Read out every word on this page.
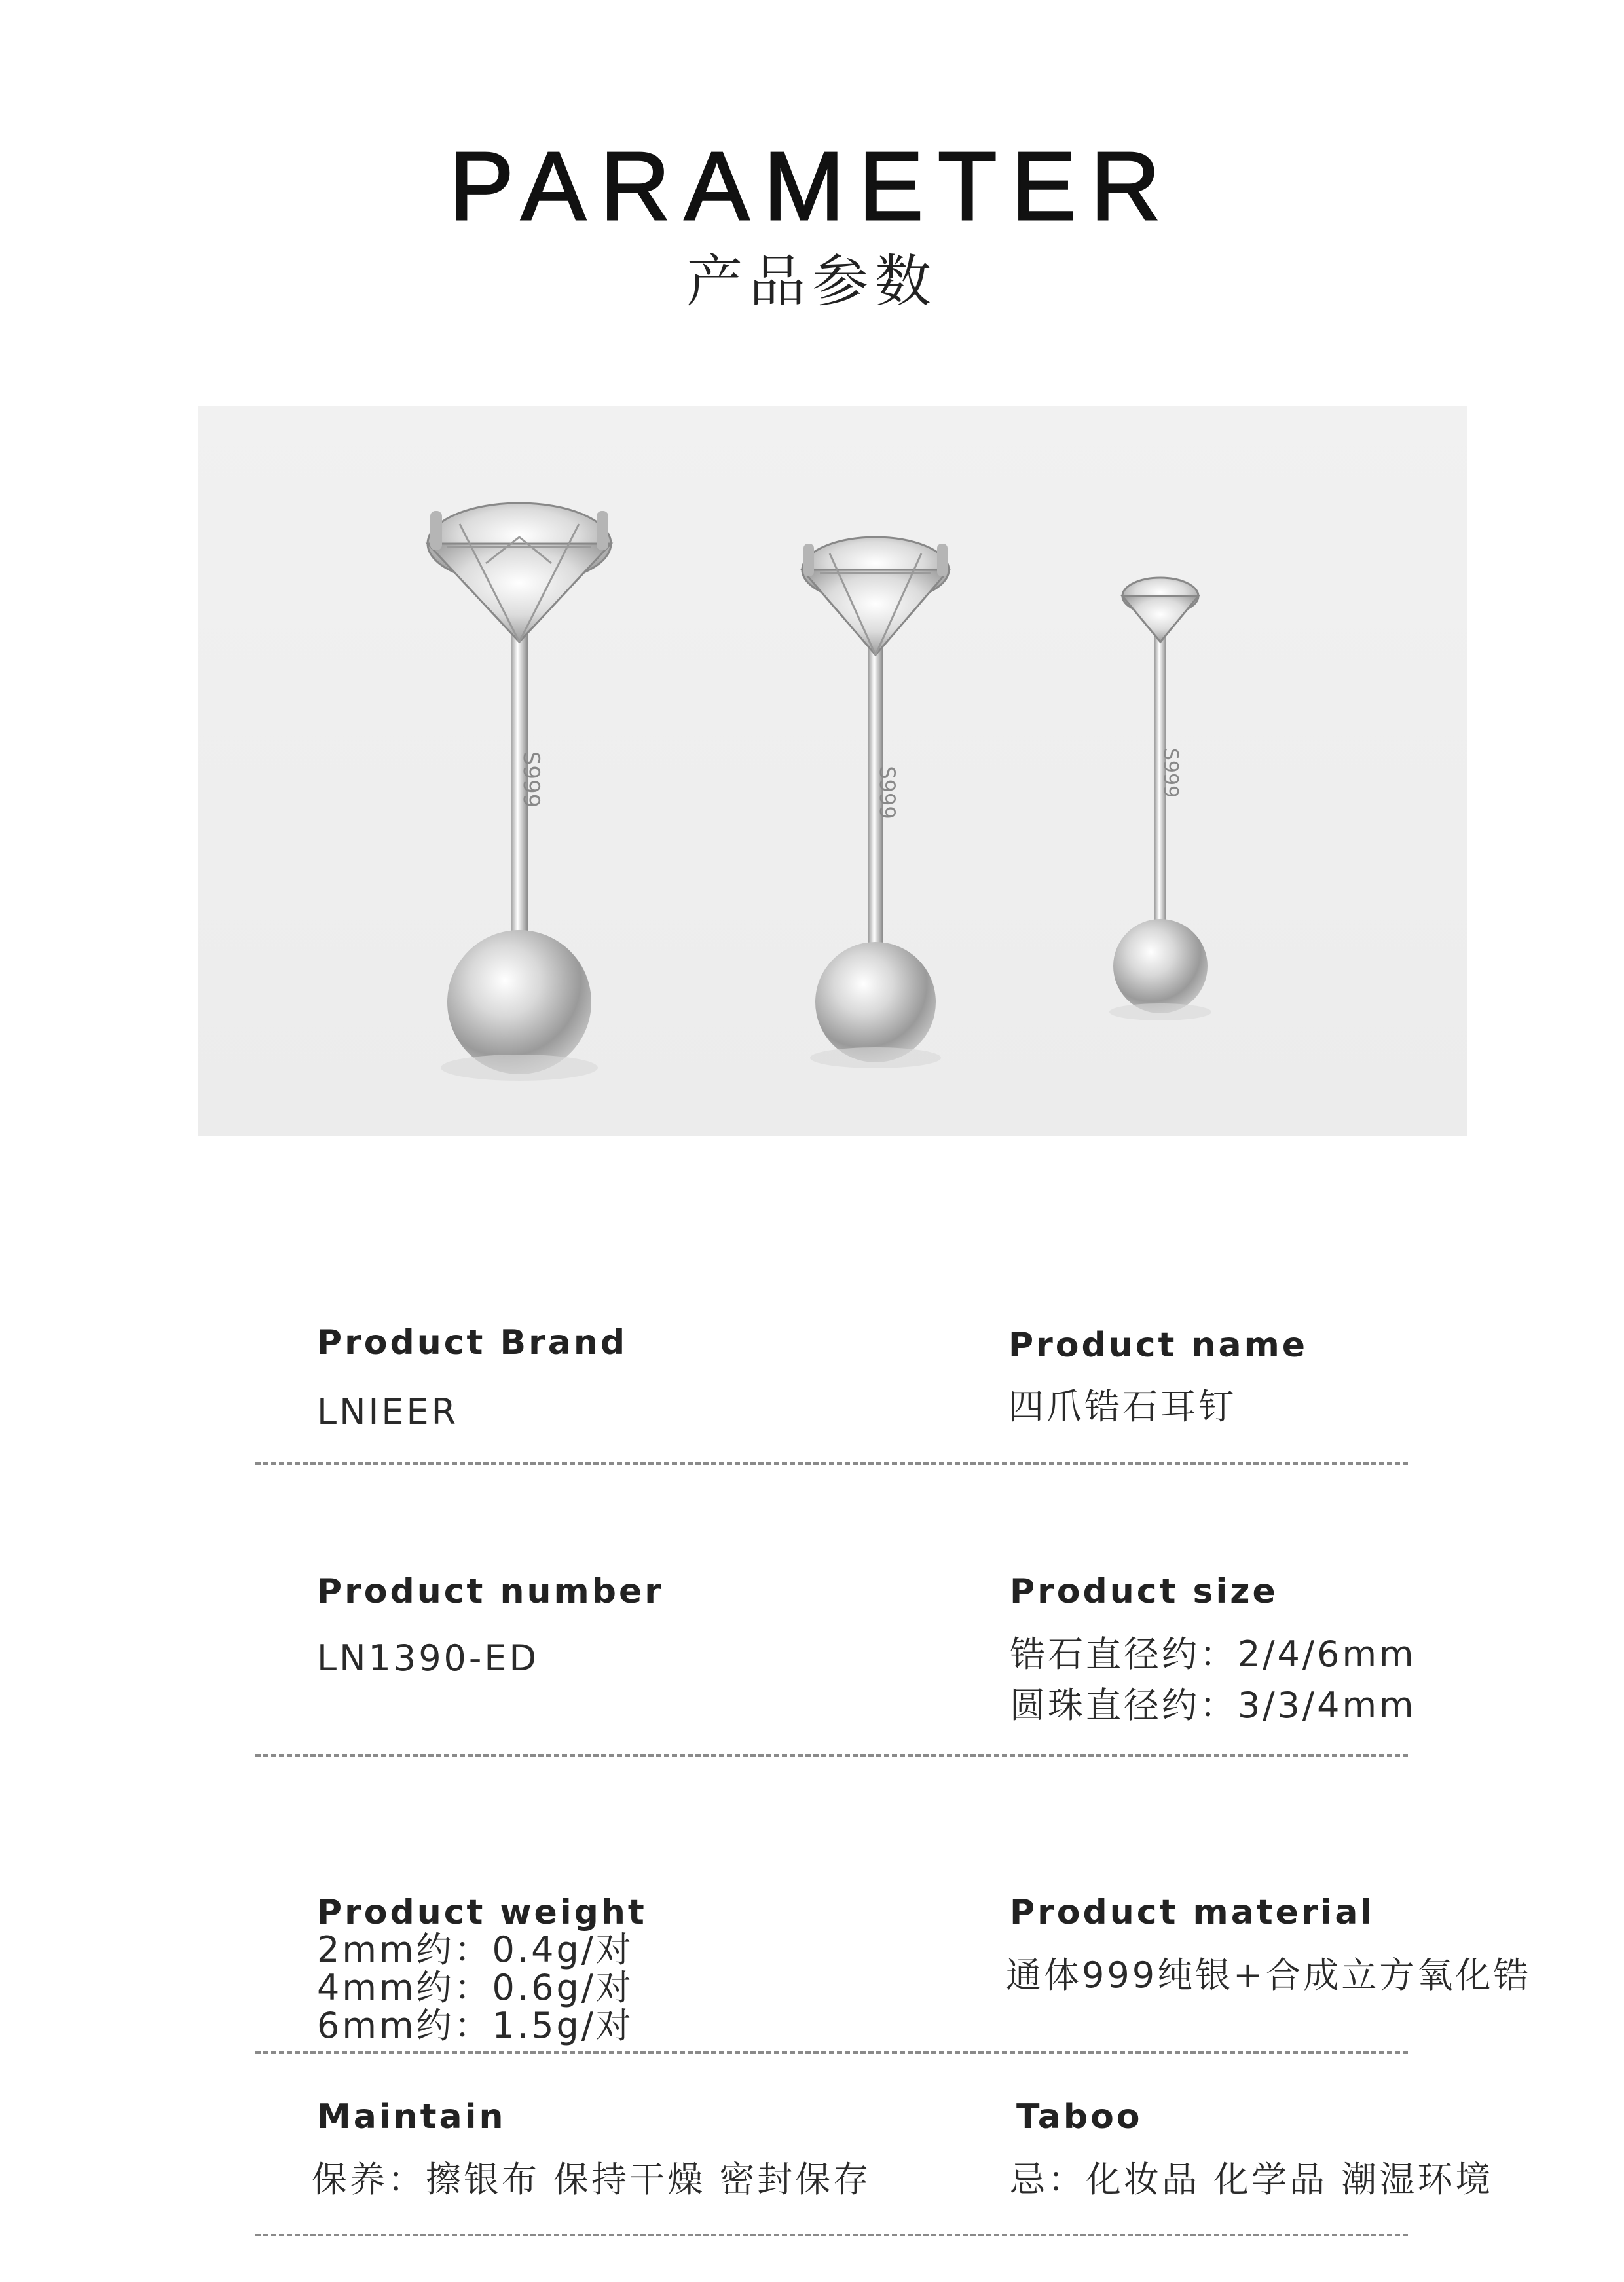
PARAMETER
产品参数
S999	S999	S999
Product Brand
LNIEER
Product name
四爪锆石耳钉
Product number
LN1390-ED
Product size
锆石直径约：2/4/6mm
圆珠直径约：3/3/4mm
Product weight
2mm约：0.4g/对
4mm约：0.6g/对
6mm约：1.5g/对
Product material
通体999纯银+合成立方氧化锆
Maintain
保养：擦银布 保持干燥 密封保存
Taboo
忌：化妆品 化学品 潮湿环境
